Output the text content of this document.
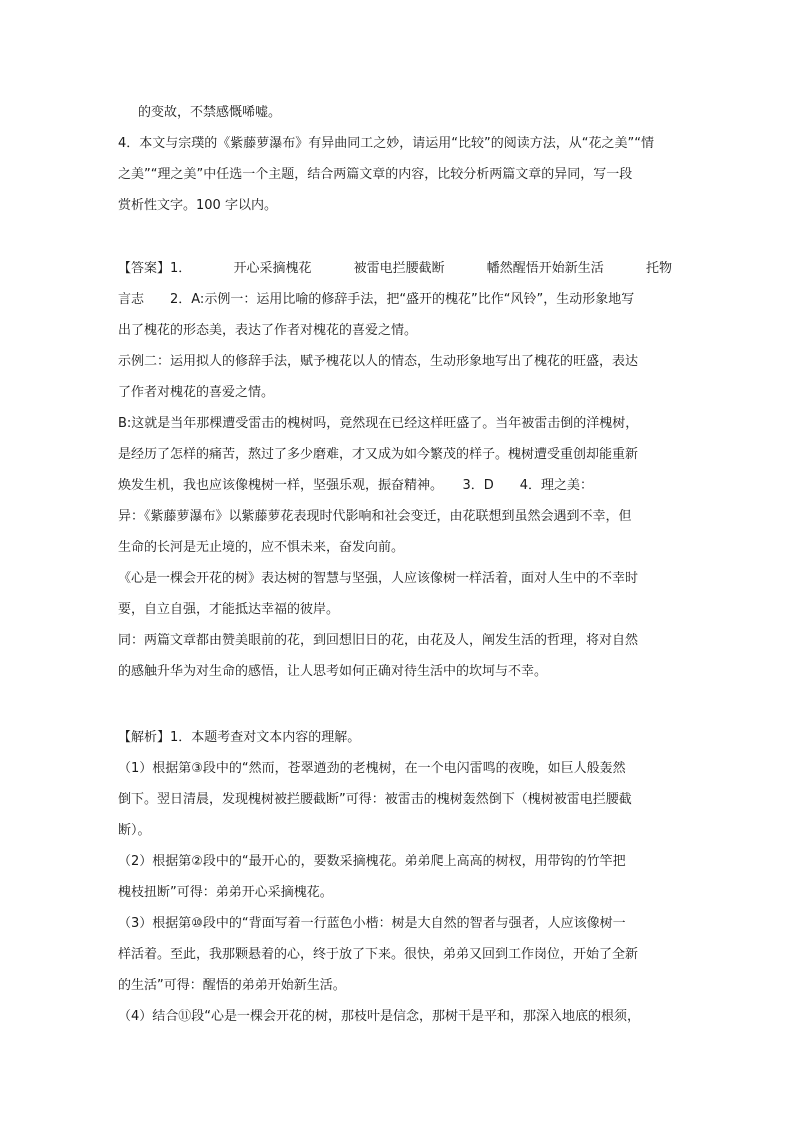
的变故，不禁感慨唏嘘。
4．本文与宗璞的《紫藤萝瀑布》有异曲同工之妙，请运用“比较”的阅读方法，从“花之美”“情
之美”“理之美”中任选一个主题，结合两篇文章的内容，比较分析两篇文章的异同，写一段
赏析性文字。100 字以内。
【答案】1．	开心采摘槐花	被雷电拦腰截断	幡然醒悟开始新生活	托物
言志　　2．A:示例一：运用比喻的修辞手法，把“盛开的槐花”比作“风铃”，生动形象地写
出了槐花的形态美，表达了作者对槐花的喜爱之情。
示例二：运用拟人的修辞手法，赋予槐花以人的情态，生动形象地写出了槐花的旺盛，表达
了作者对槐花的喜爱之情。
B:这就是当年那棵遭受雷击的槐树吗，竟然现在已经这样旺盛了。当年被雷击倒的洋槐树，
是经历了怎样的痛苦，熬过了多少磨难，才又成为如今繁茂的样子。槐树遭受重创却能重新
焕发生机，我也应该像槐树一样，坚强乐观，振奋精神。　　3．D　　4．理之美：
异：《紫藤萝瀑布》以紫藤萝花表现时代影响和社会变迁，由花联想到虽然会遇到不幸，但
生命的长河是无止境的，应不惧未来，奋发向前。
《心是一棵会开花的树》表达树的智慧与坚强，人应该像树一样活着，面对人生中的不幸时
要，自立自强，才能抵达幸福的彼岸。
同：两篇文章都由赞美眼前的花，到回想旧日的花，由花及人，阐发生活的哲理，将对自然
的感触升华为对生命的感悟，让人思考如何正确对待生活中的坎坷与不幸。
【解析】1．本题考查对文本内容的理解。
（1）根据第③段中的“然而，苍翠遒劲的老槐树，在一个电闪雷鸣的夜晚，如巨人般轰然
倒下。翌日清晨，发现槐树被拦腰截断”可得：被雷击的槐树轰然倒下（槐树被雷电拦腰截
断）。
（2）根据第②段中的“最开心的，要数采摘槐花。弟弟爬上高高的树杈，用带钩的竹竿把
槐枝扭断”可得：弟弟开心采摘槐花。
（3）根据第⑩段中的“背面写着一行蓝色小楷：树是大自然的智者与强者，人应该像树一
样活着。至此，我那颗悬着的心，终于放了下来。很快，弟弟又回到工作岗位，开始了全新
的生活”可得：醒悟的弟弟开始新生活。
（4）结合⑪段“心是一棵会开花的树，那枝叶是信念，那树干是平和，那深入地底的根须，
